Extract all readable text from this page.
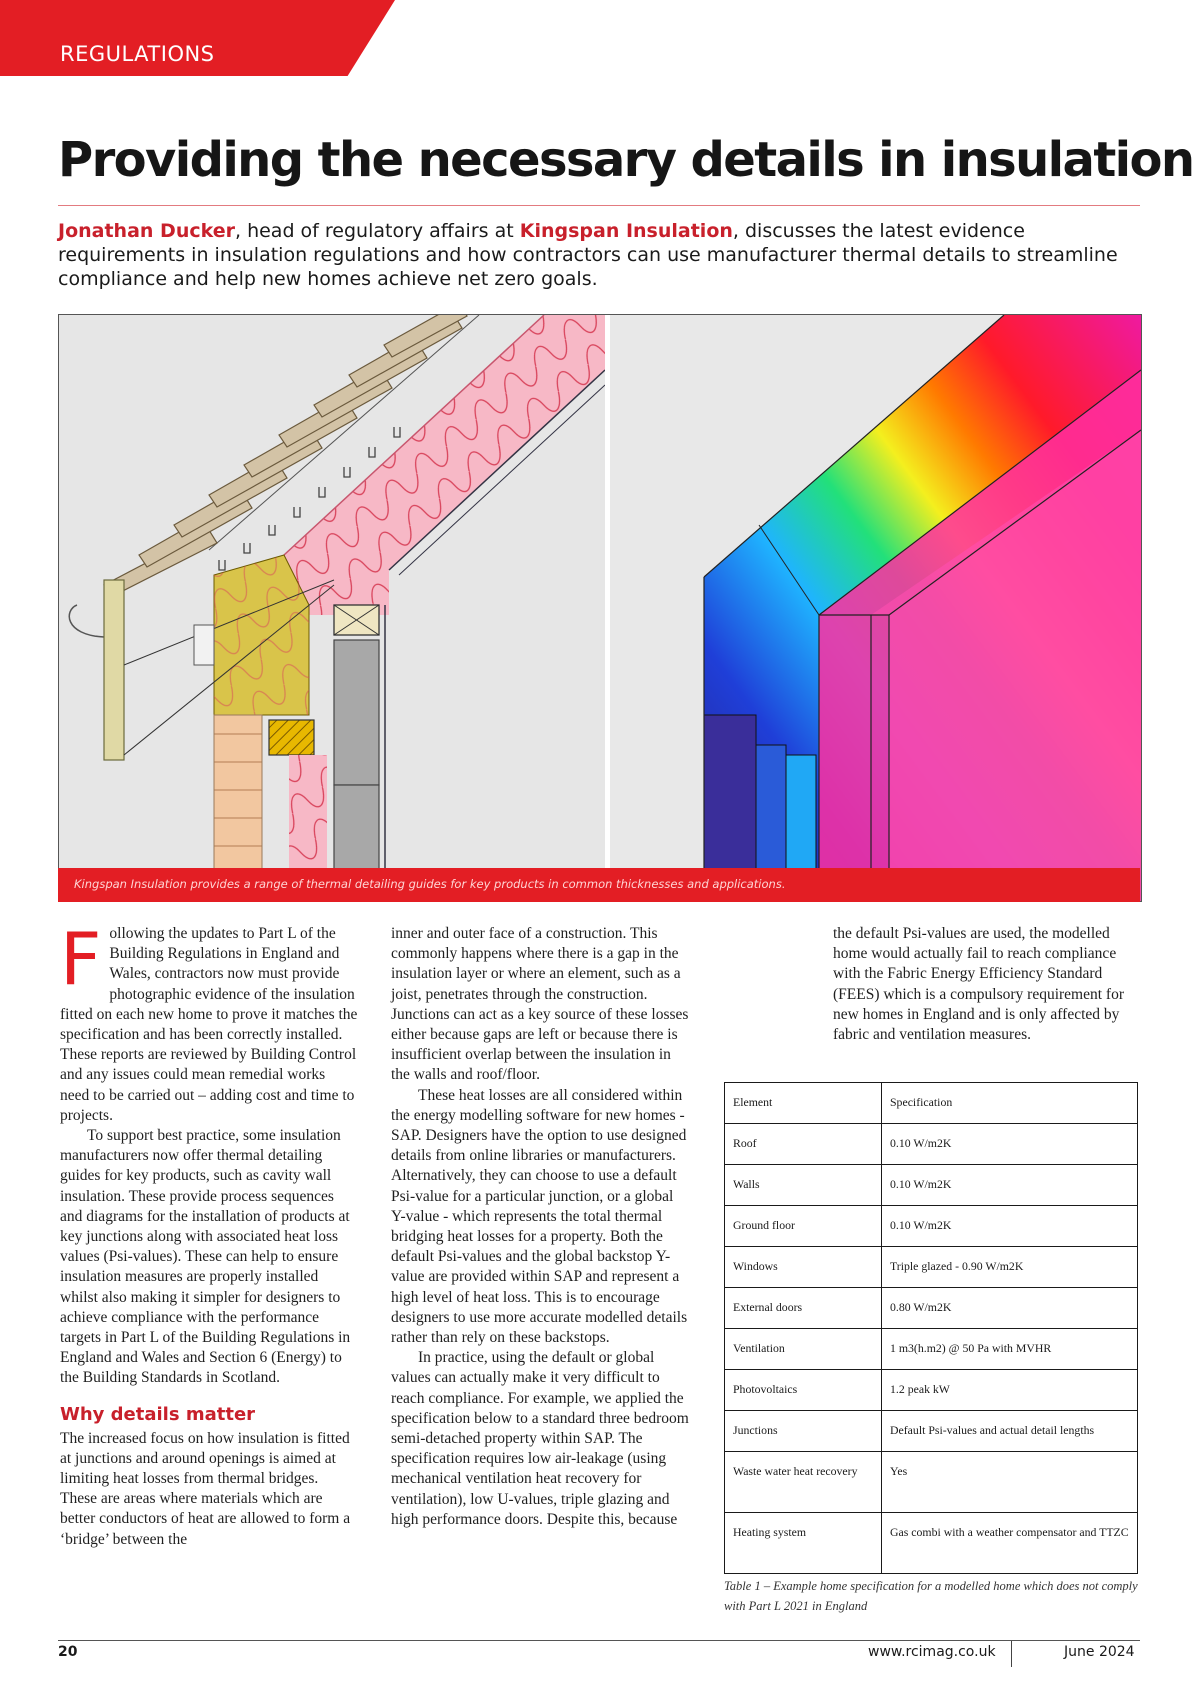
REGULATIONS
Providing the necessary details in insulation

Jonathan Ducker, head of regulatory affairs at Kingspan Insulation, discusses the latest evidence requirements in insulation regulations and how contractors can use manufacturer thermal details to streamline compliance and help new homes achieve net zero goals.

Kingspan Insulation provides a range of thermal detailing guides for key products in common thicknesses and applications.
F ollowing the updates to Part L of the Building Regulations in England and Wales, contractors now must provide photographic evidence of the insulation fitted on each new home to prove it matches the specification and has been correctly installed. These reports are reviewed by Building Control and any issues could mean remedial works need to be carried out – adding cost and time to projects.

To support best practice, some insulation manufacturers now offer thermal detailing guides for key products, such as cavity wall insulation. These provide process sequences and diagrams for the installation of products at key junctions along with associated heat loss values (Psi-values). These can help to ensure insulation measures are properly installed whilst also making it simpler for designers to achieve compliance with the performance targets in Part L of the Building Regulations in England and Wales and Section 6 (Energy) to the Building Standards in Scotland.

Why details matter

The increased focus on how insulation is fitted at junctions and around openings is aimed at limiting heat losses from thermal bridges. These are areas where materials which are better conductors of heat are allowed to form a ‘bridge’ between the

inner and outer face of a construction. This commonly happens where there is a gap in the insulation layer or where an element, such as a joist, penetrates through the construction. Junctions can act as a key source of these losses either because gaps are left or because there is insufficient overlap between the insulation in the walls and roof/floor.

These heat losses are all considered within the energy modelling software for new homes - SAP. Designers have the option to use designed details from online libraries or manufacturers. Alternatively, they can choose to use a default Psi-value for a particular junction, or a global Y-value - which represents the total thermal bridging heat losses for a property. Both the default Psi-values and the global backstop Y-value are provided within SAP and represent a high level of heat loss. This is to encourage designers to use more accurate modelled details rather than rely on these backstops.

In practice, using the default or global values can actually make it very difficult to reach compliance. For example, we applied the specification below to a standard three bedroom semi-detached property within SAP. The specification requires low air-leakage (using mechanical ventilation heat recovery for ventilation), low U-values, triple glazing and high performance doors. Despite this, because

the default Psi-values are used, the modelled home would actually fail to reach compliance with the Fabric Energy Efficiency Standard (FEES) which is a compulsory requirement for new homes in England and is only affected by fabric and ventilation measures.

Element	Specification
Roof	0.10 W/m2K
Walls	0.10 W/m2K
Ground floor	0.10 W/m2K
Windows	Triple glazed - 0.90 W/m2K
External doors	0.80 W/m2K
Ventilation	1 m3(h.m2) @ 50 Pa with MVHR
Photovoltaics	1.2 peak kW
Junctions	Default Psi-values and actual detail lengths
Waste water heat recovery	Yes
Heating system	Gas combi with a weather compensator and TTZC
Table 1 – Example home specification for a modelled home which does not comply with Part L 2021 in England
20	www.rcimag.co.uk	June 2024
